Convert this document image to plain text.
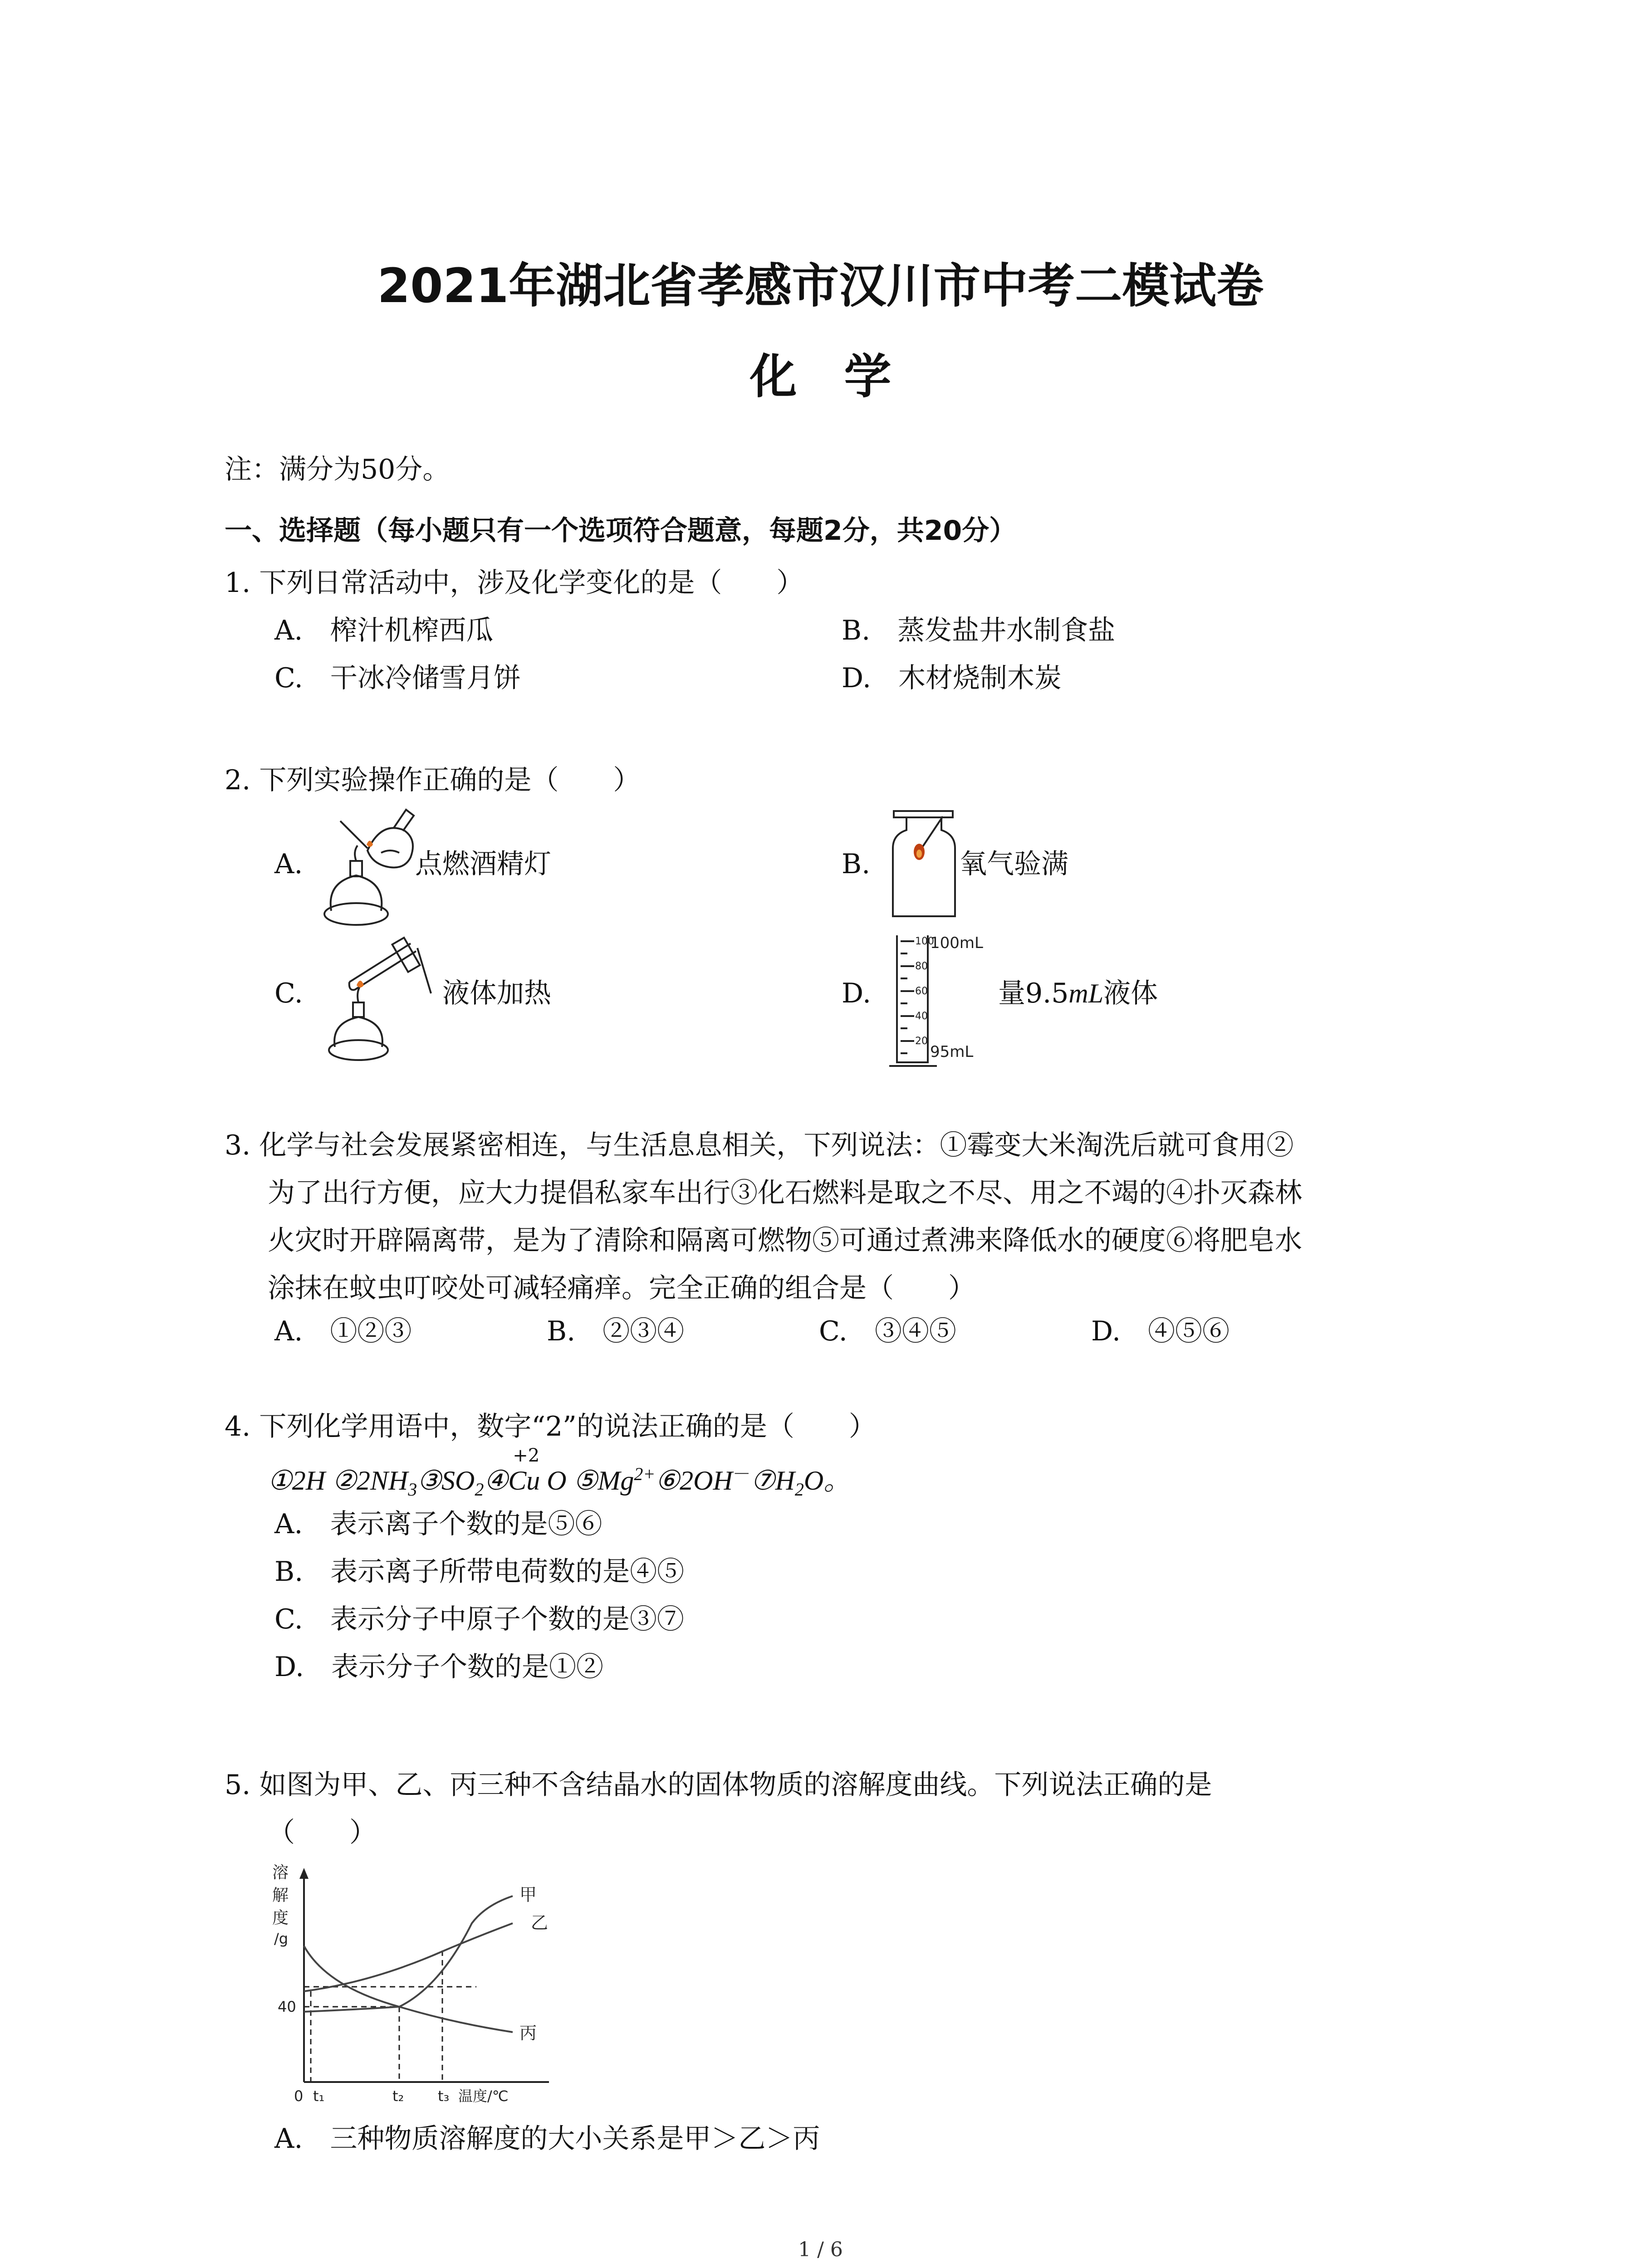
2021年湖北省孝感市汉川市中考二模试卷
化　学
注：满分为50分。
一、选择题（每小题只有一个选项符合题意，每题2分，共20分）
1. 下列日常活动中，涉及化学变化的是（　　）
A.　榨汁机榨西瓜	B.　蒸发盐井水制食盐
C.　干冰冷储雪月饼	D.　木材烧制木炭
2. 下列实验操作正确的是（　　）
A.	点燃酒精灯	B.	氧气验满
C.	液体加热	D.
100mL
100
80
60
40
20
95mL
量9.5mL液体
3. 化学与社会发展紧密相连，与生活息息相关，下列说法：①霉变大米淘洗后就可食用②
为了出行方便，应大力提倡私家车出行③化石燃料是取之不尽、用之不竭的④扑灭森林
火灾时开辟隔离带，是为了清除和隔离可燃物⑤可通过煮沸来降低水的硬度⑥将肥皂水
涂抹在蚊虫叮咬处可减轻痛痒。完全正确的组合是（　　）
A.　①②③	B.　②③④	C.　③④⑤	D.　④⑤⑥
4. 下列化学用语中，数字“2”的说法正确的是（　　）
①2H $②2NH_3③SO_2④$
+2
Cu O $⑤Mg^{2+}⑥2OH^-⑦H_2O$。
A.　表示离子个数的是⑤⑥
B.　表示离子所带电荷数的是④⑤
C.　表示分子中原子个数的是③⑦
D.　表示分子个数的是①②
5. 如图为甲、乙、丙三种不含结晶水的固体物质的溶解度曲线。下列说法正确的是
（　　）
溶
解
度
/g
40
甲
乙
丙
0 t₁	t₂ t₃ 温度/℃
A.　三种物质溶解度的大小关系是甲＞乙＞丙
1 / 6
